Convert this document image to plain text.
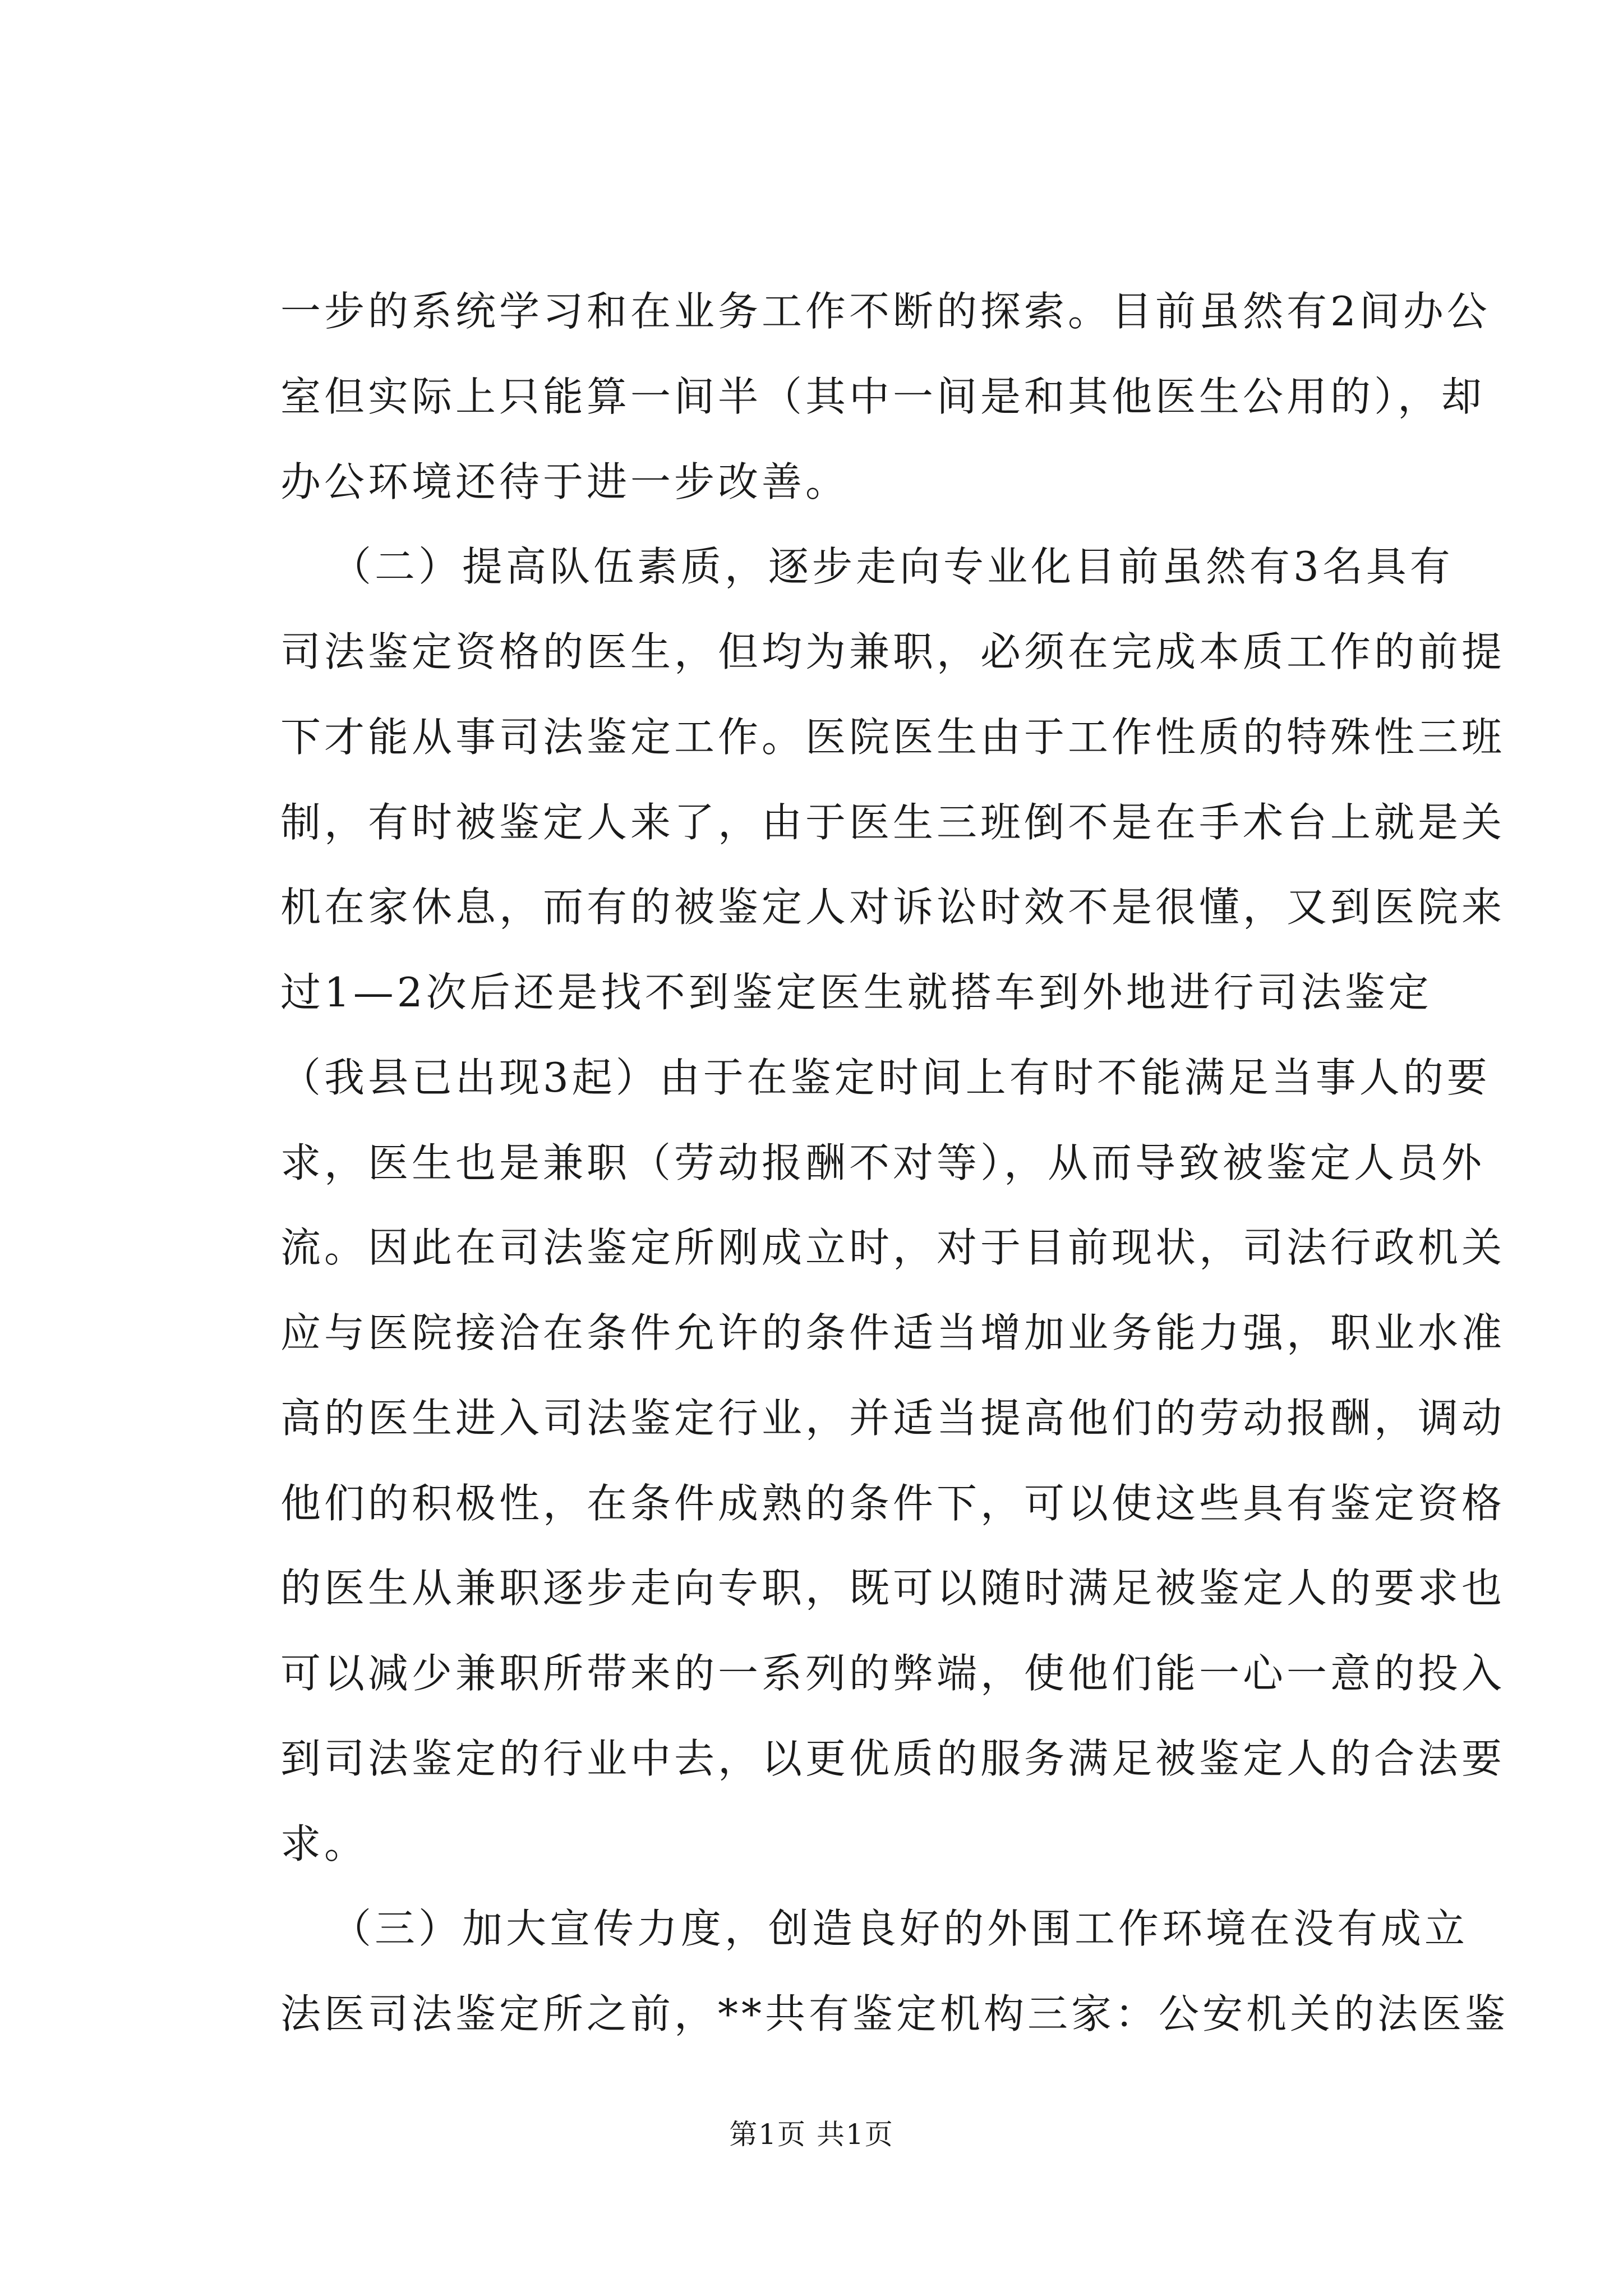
一步的系统学习和在业务工作不断的探索。目前虽然有2间办公
室但实际上只能算一间半（其中一间是和其他医生公用的），却
办公环境还待于进一步改善。
（二）提高队伍素质，逐步走向专业化目前虽然有3名具有
司法鉴定资格的医生，但均为兼职，必须在完成本质工作的前提
下才能从事司法鉴定工作。医院医生由于工作性质的特殊性三班
制，有时被鉴定人来了，由于医生三班倒不是在手术台上就是关
机在家休息，而有的被鉴定人对诉讼时效不是很懂，又到医院来
过1—2次后还是找不到鉴定医生就搭车到外地进行司法鉴定
（我县已出现3起）由于在鉴定时间上有时不能满足当事人的要
求，医生也是兼职（劳动报酬不对等），从而导致被鉴定人员外
流。因此在司法鉴定所刚成立时，对于目前现状，司法行政机关
应与医院接洽在条件允许的条件适当增加业务能力强，职业水准
高的医生进入司法鉴定行业，并适当提高他们的劳动报酬，调动
他们的积极性，在条件成熟的条件下，可以使这些具有鉴定资格
的医生从兼职逐步走向专职，既可以随时满足被鉴定人的要求也
可以减少兼职所带来的一系列的弊端，使他们能一心一意的投入
到司法鉴定的行业中去，以更优质的服务满足被鉴定人的合法要
求。
（三）加大宣传力度，创造良好的外围工作环境在没有成立
法医司法鉴定所之前，**共有鉴定机构三家：公安机关的法医鉴
第1页 共1页
